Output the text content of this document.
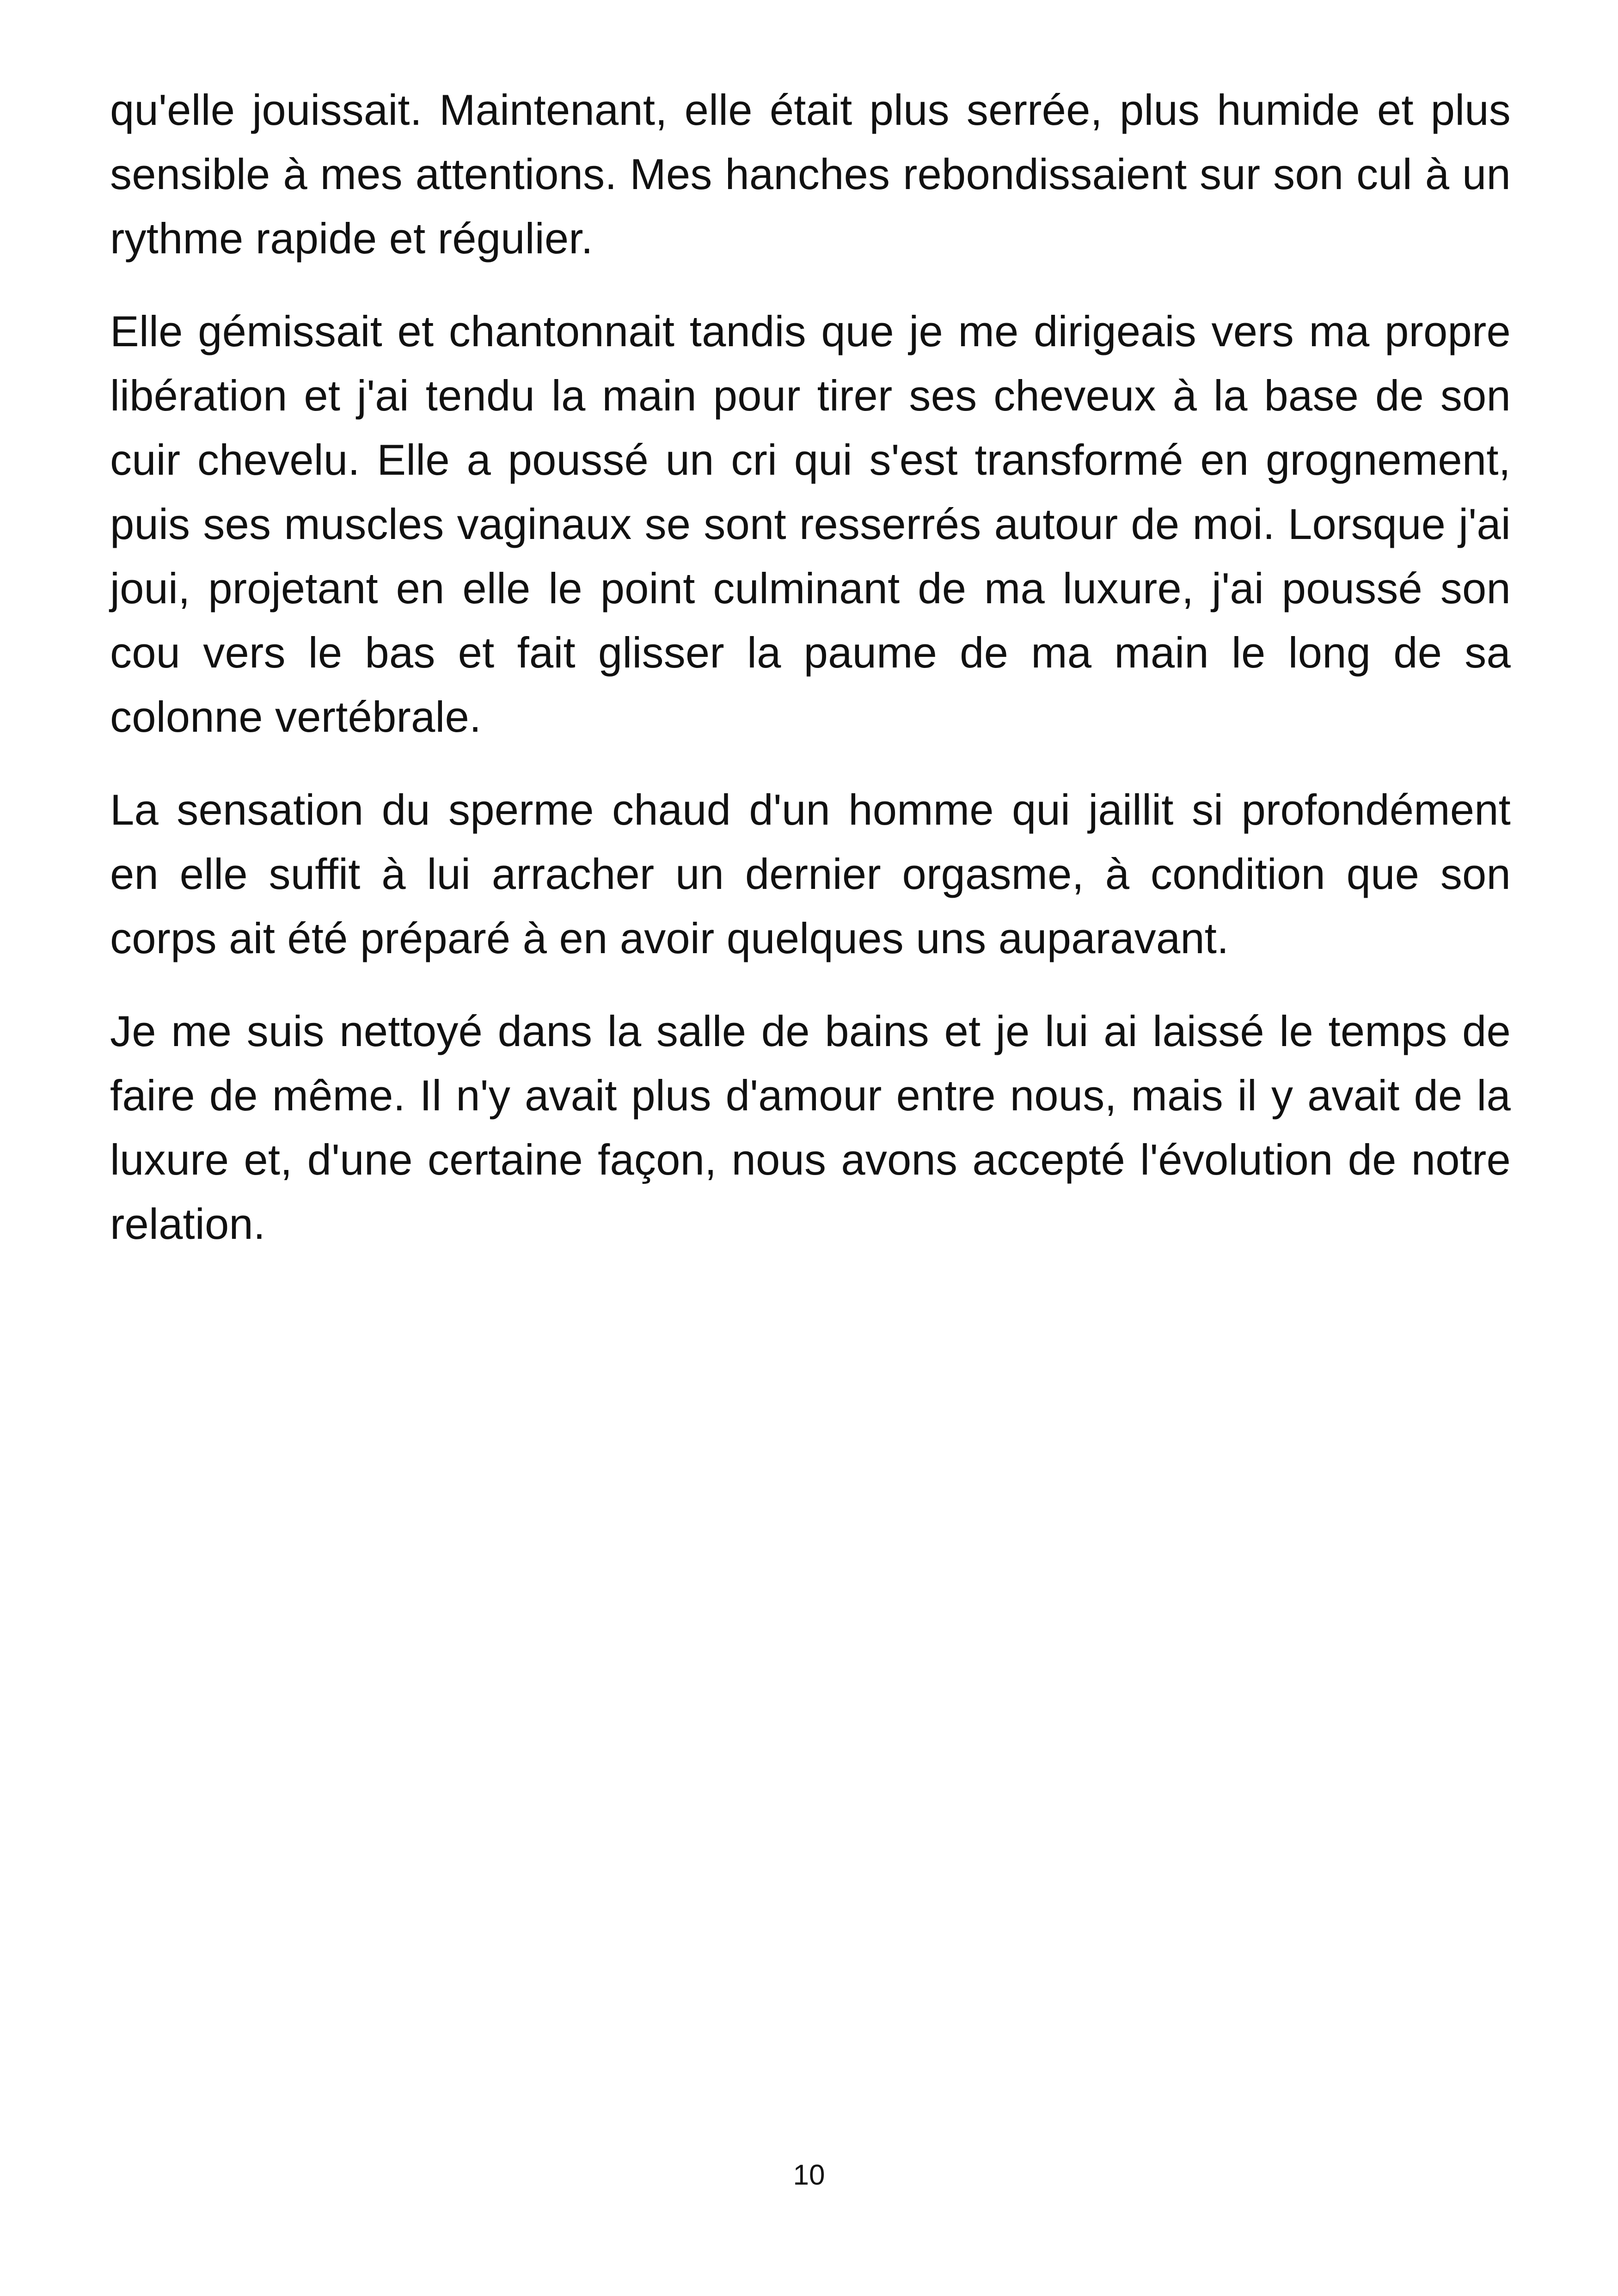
qu'elle jouissait. Maintenant, elle était plus serrée, plus humide et plus sensible à mes attentions. Mes hanches rebondissaient sur son cul à un rythme rapide et régulier.

Elle gémissait et chantonnait tandis que je me dirigeais vers ma propre libération et j'ai tendu la main pour tirer ses cheveux à la base de son cuir chevelu. Elle a poussé un cri qui s'est transformé en grognement, puis ses muscles vaginaux se sont resserrés autour de moi. Lorsque j'ai joui, projetant en elle le point culminant de ma luxure, j'ai poussé son cou vers le bas et fait glisser la paume de ma main le long de sa colonne vertébrale.

La sensation du sperme chaud d'un homme qui jaillit si profondément en elle suffit à lui arracher un dernier orgasme, à condition que son corps ait été préparé à en avoir quelques uns auparavant.

Je me suis nettoyé dans la salle de bains et je lui ai laissé le temps de faire de même. Il n'y avait plus d'amour entre nous, mais il y avait de la luxure et, d'une certaine façon, nous avons accepté l'évolution de notre relation.

10
